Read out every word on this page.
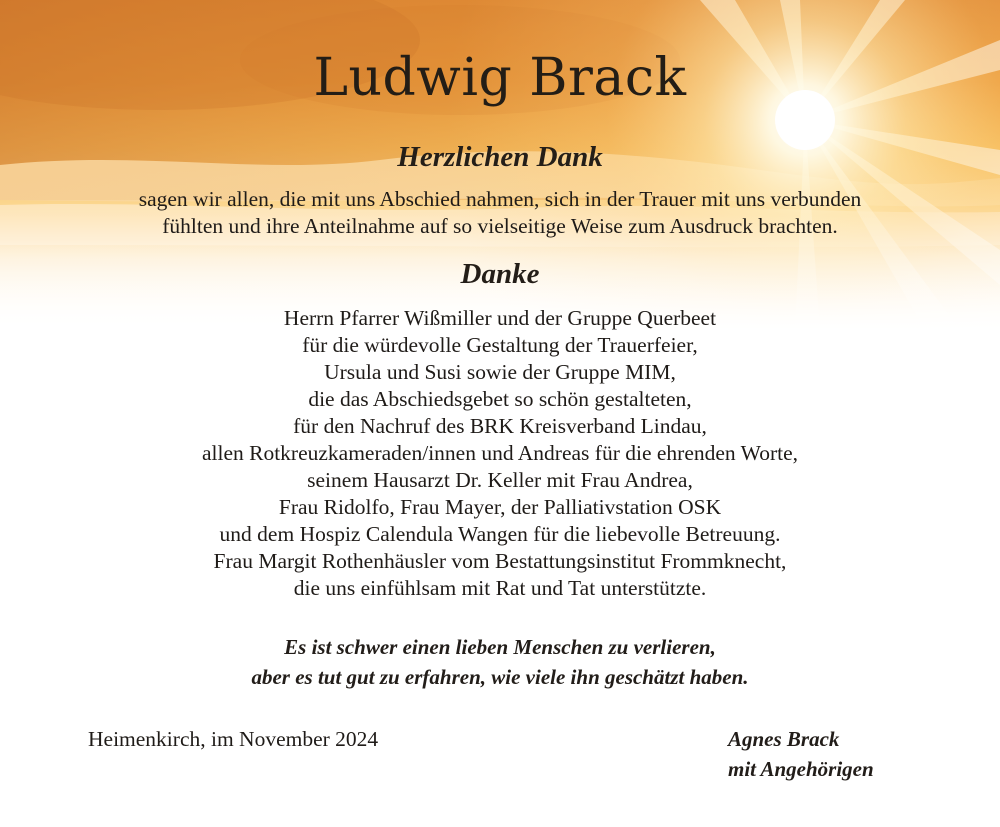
Ludwig Brack
Herzlichen Dank
sagen wir allen, die mit uns Abschied nahmen, sich in der Trauer mit uns verbunden
fühlten und ihre Anteilnahme auf so vielseitige Weise zum Ausdruck brachten.
Danke
Herrn Pfarrer Wißmiller und der Gruppe Querbeet
für die würdevolle Gestaltung der Trauerfeier,
Ursula und Susi sowie der Gruppe MIM,
die das Abschiedsgebet so schön gestalteten,
für den Nachruf des BRK Kreisverband Lindau,
allen Rotkreuzkameraden/innen und Andreas für die ehrenden Worte,
seinem Hausarzt Dr. Keller mit Frau Andrea,
Frau Ridolfo, Frau Mayer, der Palliativstation OSK
und dem Hospiz Calendula Wangen für die liebevolle Betreuung.
Frau Margit Rothenhäusler vom Bestattungsinstitut Frommknecht,
die uns einfühlsam mit Rat und Tat unterstützte.
Es ist schwer einen lieben Menschen zu verlieren,
aber es tut gut zu erfahren, wie viele ihn geschätzt haben.
Heimenkirch, im November 2024	Agnes Brack
mit Angehörigen
